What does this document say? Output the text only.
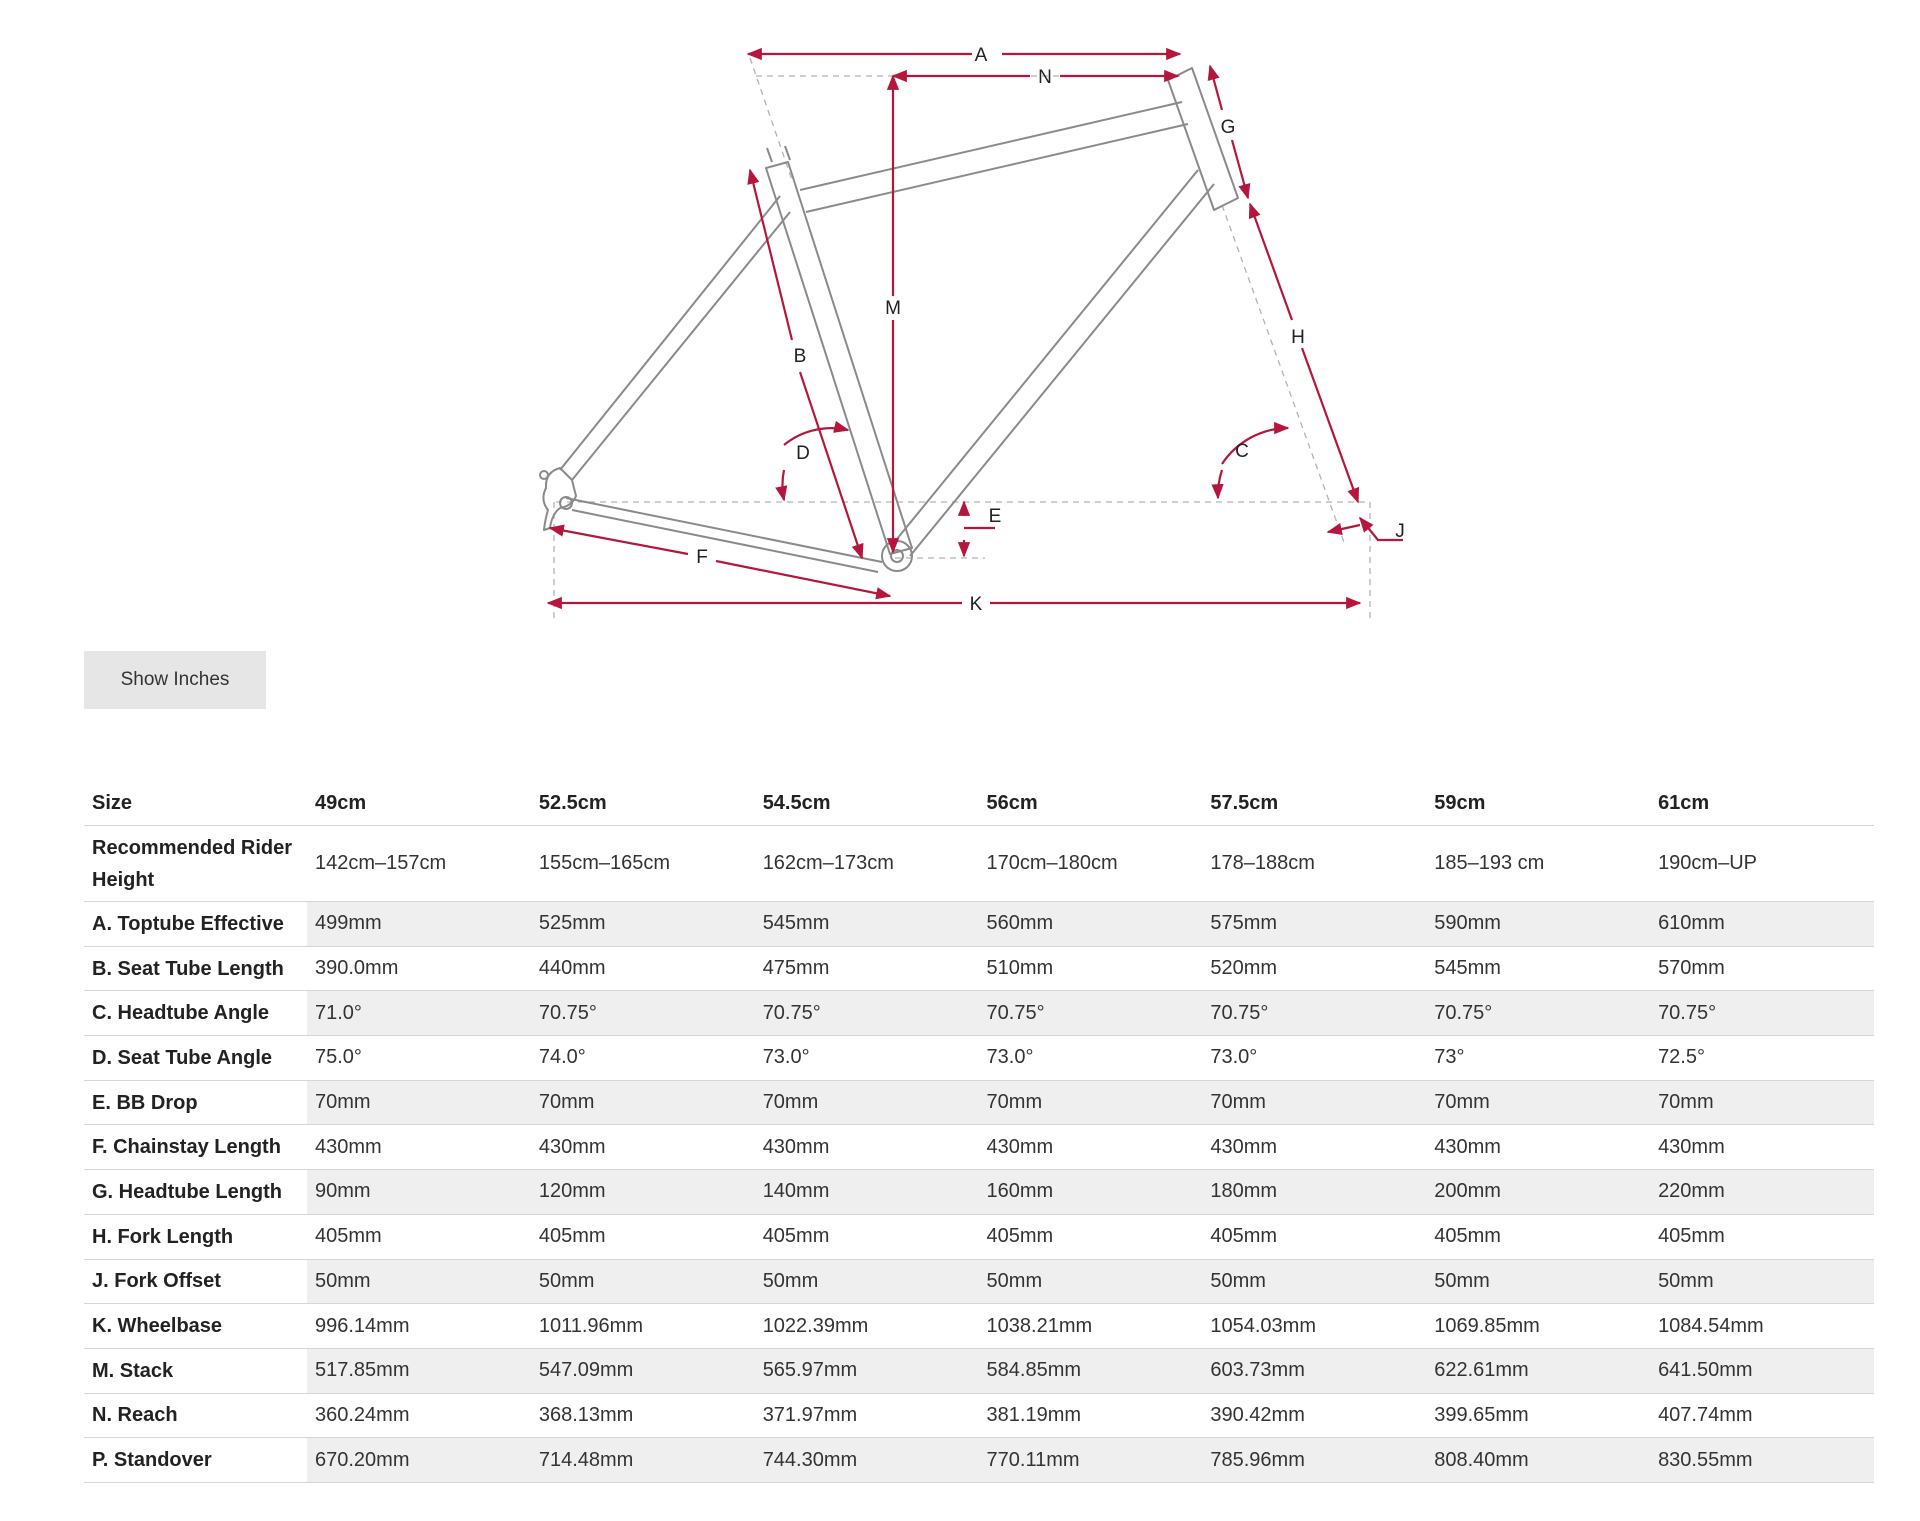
A
N
G
M
B
H
D	C
E
J
F
K
Show Inches
Size	49cm	52.5cm	54.5cm	56cm	57.5cm	59cm	61cm
Recommended Rider Height	142cm–157cm	155cm–165cm	162cm–173cm	170cm–180cm	178–188cm	185–193 cm	190cm–UP
A. Toptube Effective	499mm	525mm	545mm	560mm	575mm	590mm	610mm
B. Seat Tube Length	390.0mm	440mm	475mm	510mm	520mm	545mm	570mm
C. Headtube Angle	71.0°	70.75°	70.75°	70.75°	70.75°	70.75°	70.75°
D. Seat Tube Angle	75.0°	74.0°	73.0°	73.0°	73.0°	73°	72.5°
E. BB Drop	70mm	70mm	70mm	70mm	70mm	70mm	70mm
F. Chainstay Length	430mm	430mm	430mm	430mm	430mm	430mm	430mm
G. Headtube Length	90mm	120mm	140mm	160mm	180mm	200mm	220mm
H. Fork Length	405mm	405mm	405mm	405mm	405mm	405mm	405mm
J. Fork Offset	50mm	50mm	50mm	50mm	50mm	50mm	50mm
K. Wheelbase	996.14mm	1011.96mm	1022.39mm	1038.21mm	1054.03mm	1069.85mm	1084.54mm
M. Stack	517.85mm	547.09mm	565.97mm	584.85mm	603.73mm	622.61mm	641.50mm
N. Reach	360.24mm	368.13mm	371.97mm	381.19mm	390.42mm	399.65mm	407.74mm
P. Standover	670.20mm	714.48mm	744.30mm	770.11mm	785.96mm	808.40mm	830.55mm
